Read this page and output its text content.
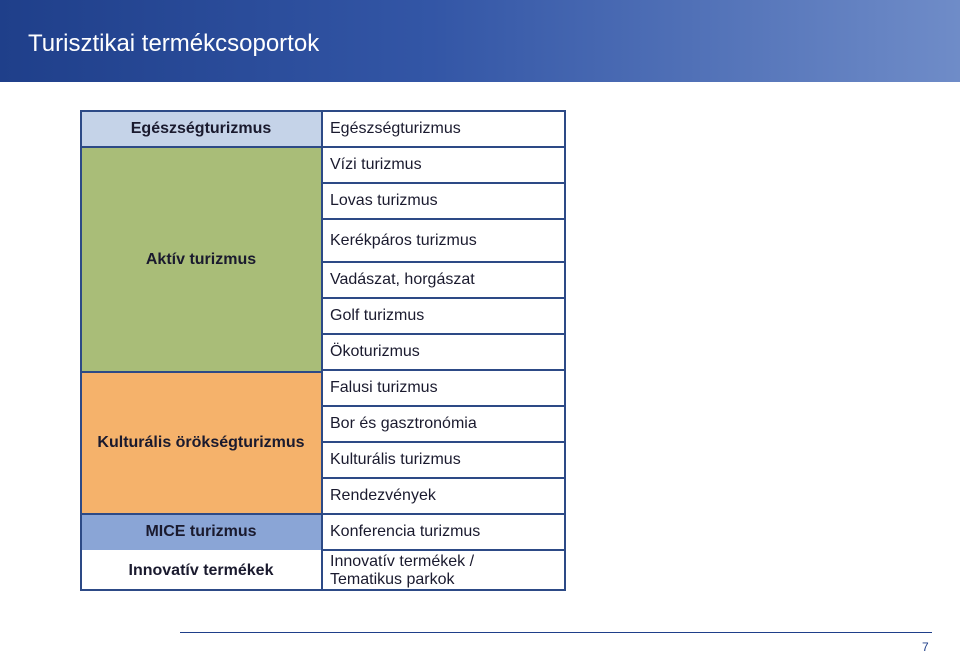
Turisztikai termékcsoportok
Egészségturizmus
Aktív turizmus
Kulturális örökségturizmus
MICE turizmus
Innovatív termékek
Egészségturizmus
Vízi turizmus
Lovas turizmus
Kerékpáros turizmus
Vadászat, horgászat
Golf turizmus
Ökoturizmus
Falusi turizmus
Bor és gasztronómia
Kulturális turizmus
Rendezvények
Konferencia turizmus
Innovatív termékek / Tematikus parkok
7
